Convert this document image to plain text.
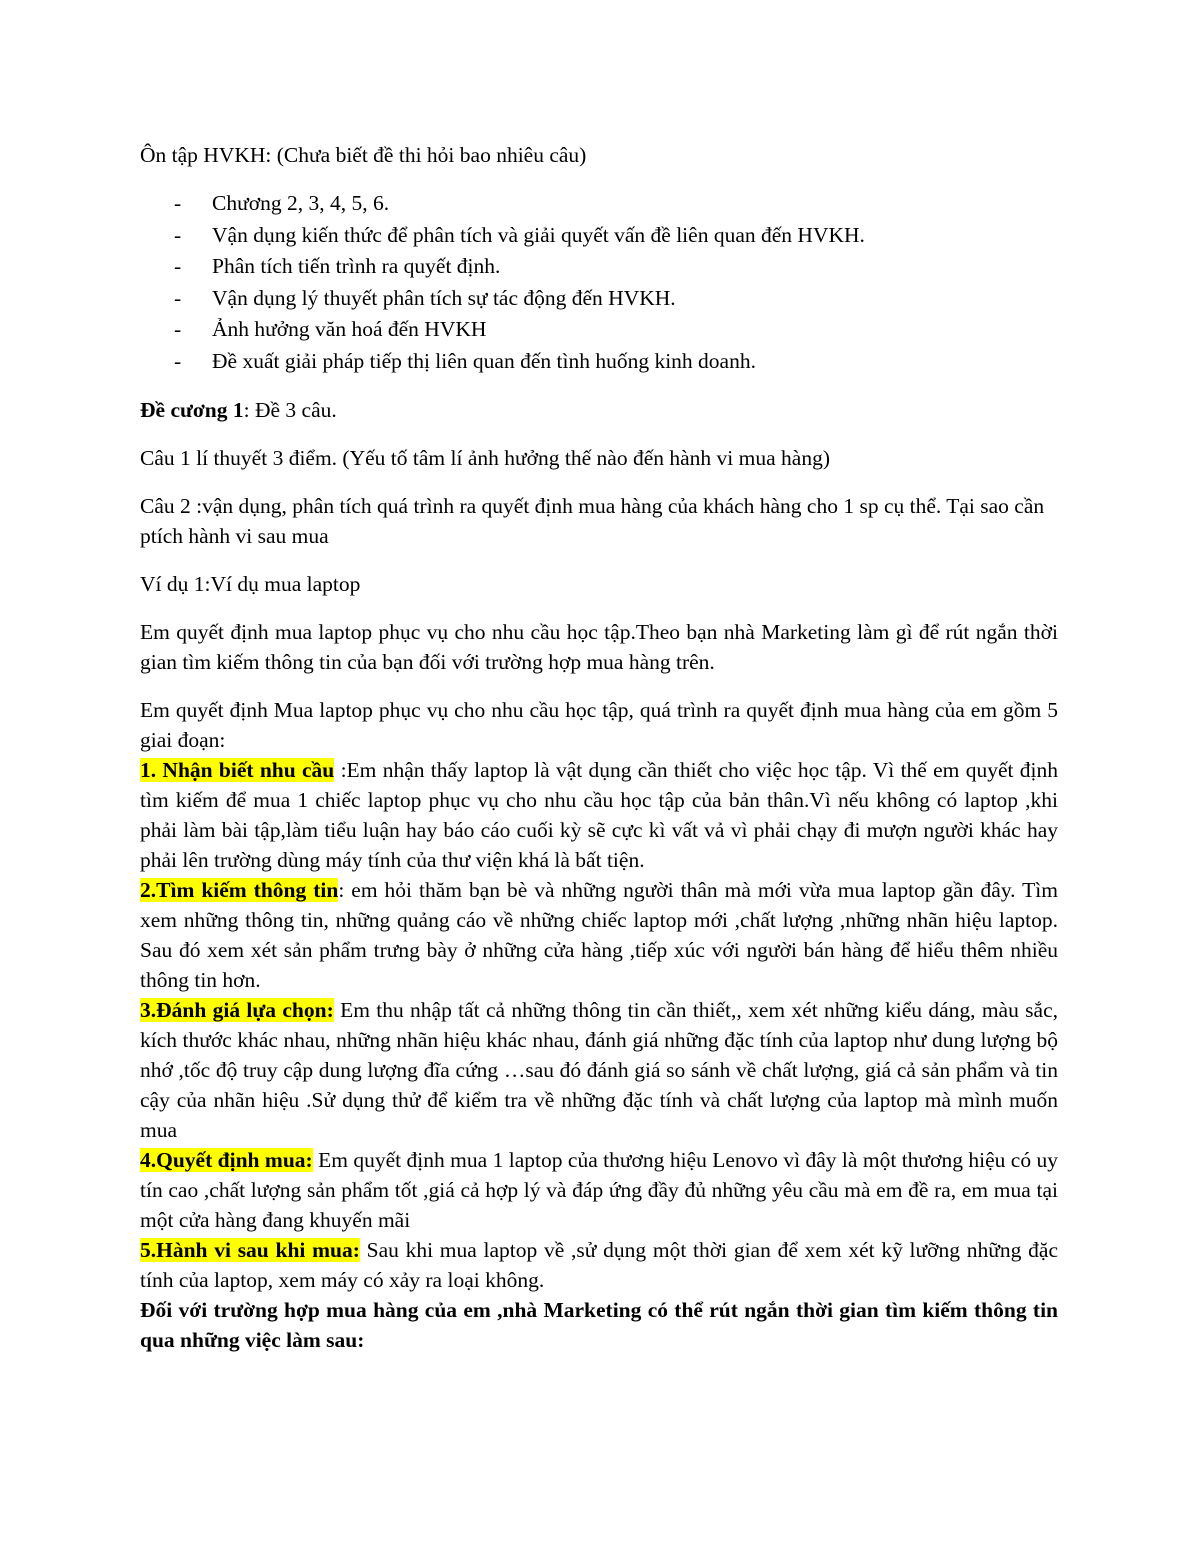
Ôn tập HVKH: (Chưa biết đề thi hỏi bao nhiêu câu)

- Chương 2, 3, 4, 5, 6.
- Vận dụng kiến thức để phân tích và giải quyết vấn đề liên quan đến HVKH.
- Phân tích tiến trình ra quyết định.
- Vận dụng lý thuyết phân tích sự tác động đến HVKH.
- Ảnh hưởng văn hoá đến HVKH
- Đề xuất giải pháp tiếp thị liên quan đến tình huống kinh doanh.

Đề cương 1: Đề 3 câu.

Câu 1 lí thuyết 3 điểm. (Yếu tố tâm lí ảnh hưởng thế nào đến hành vi mua hàng)

Câu 2 :vận dụng, phân tích quá trình ra quyết định mua hàng của khách hàng cho 1 sp cụ thể. Tại sao cần ptích hành vi sau mua

Ví dụ 1:Ví dụ mua laptop

Em quyết định mua laptop phục vụ cho nhu cầu học tập.Theo bạn nhà Marketing làm gì để rút ngắn thời gian tìm kiếm thông tin của bạn đối với trường hợp mua hàng trên.

Em quyết định Mua laptop phục vụ cho nhu cầu học tập, quá trình ra quyết định mua hàng của em gồm 5 giai đoạn:

1. Nhận biết nhu cầu :Em nhận thấy laptop là vật dụng cần thiết cho việc học tập. Vì thế em quyết định tìm kiếm để mua 1 chiếc laptop phục vụ cho nhu cầu học tập của bản thân.Vì nếu không có laptop ,khi phải làm bài tập,làm tiểu luận hay báo cáo cuối kỳ sẽ cực kì vất vả vì phải chạy đi mượn người khác hay phải lên trường dùng máy tính của thư viện khá là bất tiện.

2.Tìm kiếm thông tin: em hỏi thăm bạn bè và những người thân mà mới vừa mua laptop gần đây. Tìm xem những thông tin, những quảng cáo về những chiếc laptop mới ,chất lượng ,những nhãn hiệu laptop. Sau đó xem xét sản phẩm trưng bày ở những cửa hàng ,tiếp xúc với người bán hàng để hiểu thêm nhiều thông tin hơn.

3.Đánh giá lựa chọn: Em thu nhập tất cả những thông tin cần thiết,, xem xét những kiểu dáng, màu sắc, kích thước khác nhau, những nhãn hiệu khác nhau, đánh giá những đặc tính của laptop như dung lượng bộ nhớ ,tốc độ truy cập dung lượng đĩa cứng …sau đó đánh giá so sánh về chất lượng, giá cả sản phẩm và tin cậy của nhãn hiệu .Sử dụng thử để kiểm tra về những đặc tính và chất lượng của laptop mà mình muốn mua

4.Quyết định mua: Em quyết định mua 1 laptop của thương hiệu Lenovo vì đây là một thương hiệu có uy tín cao ,chất lượng sản phẩm tốt ,giá cả hợp lý và đáp ứng đầy đủ những yêu cầu mà em đề ra, em mua tại một cửa hàng đang khuyến mãi

5.Hành vi sau khi mua: Sau khi mua laptop về ,sử dụng một thời gian để xem xét kỹ lưỡng những đặc tính của laptop, xem máy có xảy ra loại không.

Đối với trường hợp mua hàng của em ,nhà Marketing có thể rút ngắn thời gian tìm kiếm thông tin qua những việc làm sau:
